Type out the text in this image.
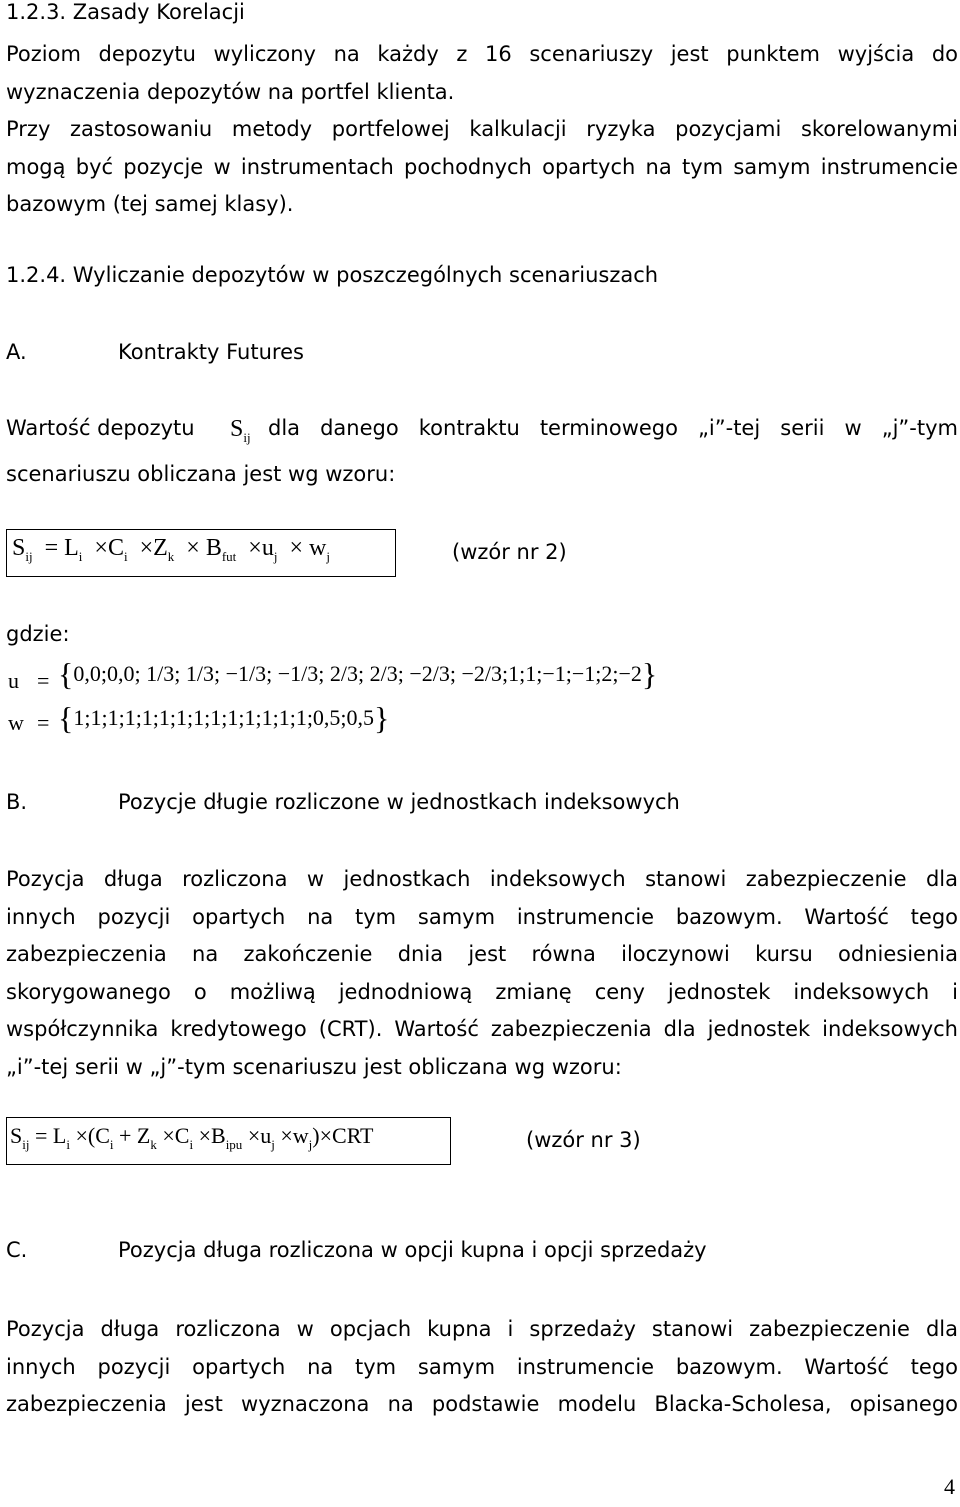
1.2.3. Zasady Korelacji
Poziom depozytu wyliczony na każdy z 16 scenariuszy jest punktem wyjścia do
wyznaczenia depozytów na portfel klienta.
Przy zastosowaniu metody portfelowej kalkulacji ryzyka pozycjami skorelowanymi
mogą być pozycje w instrumentach pochodnych opartych na tym samym instrumencie
bazowym (tej samej klasy).
1.2.4. Wyliczanie depozytów w poszczególnych scenariuszach
A.	Kontrakty Futures
Wartość depozytu	$S_{ij}$ dla danego kontraktu terminowego „i”-tej serii w „j”-tym
scenariuszu obliczana jest wg wzoru:
$S_{ij} = L_i \times C_i \times Z_k \times B_{fut} \times u_j \times w_j$	(wzór nr 2)
gdzie:
u = {0,0;0,0; 1/3; 1/3; −1/3; −1/3; 2/3; 2/3; −2/3; −2/3;1;1;−1;−1;2;−2}
w = {1;1;1;1;1;1;1;1;1;1;1;1;1;1;0,5;0,5}
B.	Pozycje długie rozliczone w jednostkach indeksowych
Pozycja długa rozliczona w jednostkach indeksowych stanowi zabezpieczenie dla
innych pozycji opartych na tym samym instrumencie bazowym. Wartość tego
zabezpieczenia na zakończenie dnia jest równa iloczynowi kursu odniesienia
skorygowanego o możliwą jednodniową zmianę ceny jednostek indeksowych i
współczynnika kredytowego (CRT). Wartość zabezpieczenia dla jednostek indeksowych
„i”-tej serii w „j”-tym scenariuszu jest obliczana wg wzoru:
$S_{ij} = L_i \times(C_i + Z_k \times C_i \times B_{ipu} \times u_j \times w_j)\times CRT$	(wzór nr 3)
C.	Pozycja długa rozliczona w opcji kupna i opcji sprzedaży
Pozycja długa rozliczona w opcjach kupna i sprzedaży stanowi zabezpieczenie dla
innych pozycji opartych na tym samym instrumencie bazowym. Wartość tego
zabezpieczenia jest wyznaczona na podstawie modelu Blacka-Scholesa, opisanego
4
